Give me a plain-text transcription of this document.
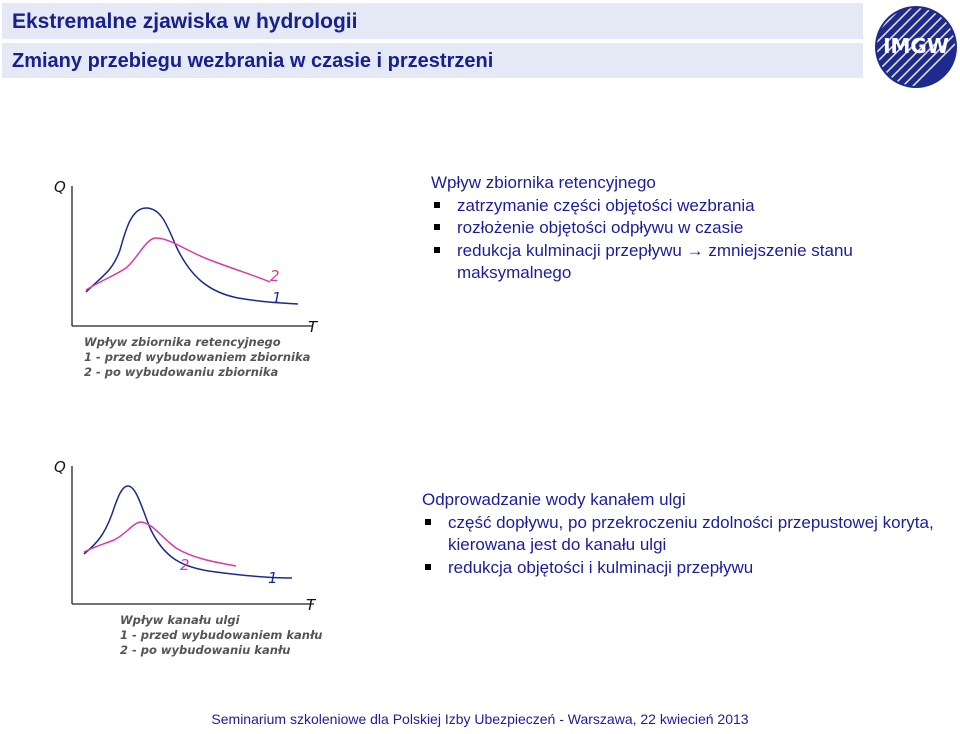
Ekstremalne zjawiska w hydrologii
Zmiany przebiegu wezbrania w czasie i przestrzeni
IMGW
Wpływ zbiornika retencyjnego
zatrzymanie części objętości wezbrania
rozłożenie objętości odpływu w czasie
redukcja kulminacji przepływu → zmniejszenie stanu maksymalnego
Q
T
2
1
Wpływ zbiornika retencyjnego
1 - przed wybudowaniem zbiornika
2 - po wybudowaniu zbiornika
Odprowadzanie wody kanałem ulgi
część dopływu, po przekroczeniu zdolności przepustowej koryta, kierowana jest do kanału ulgi
redukcja objętości i kulminacji przepływu
Q
T
2
1
Wpływ kanału ulgi
1 - przed wybudowaniem kanłu
2 - po wybudowaniu kanłu
Seminarium szkoleniowe dla Polskiej Izby Ubezpieczeń - Warszawa, 22 kwiecień 2013
